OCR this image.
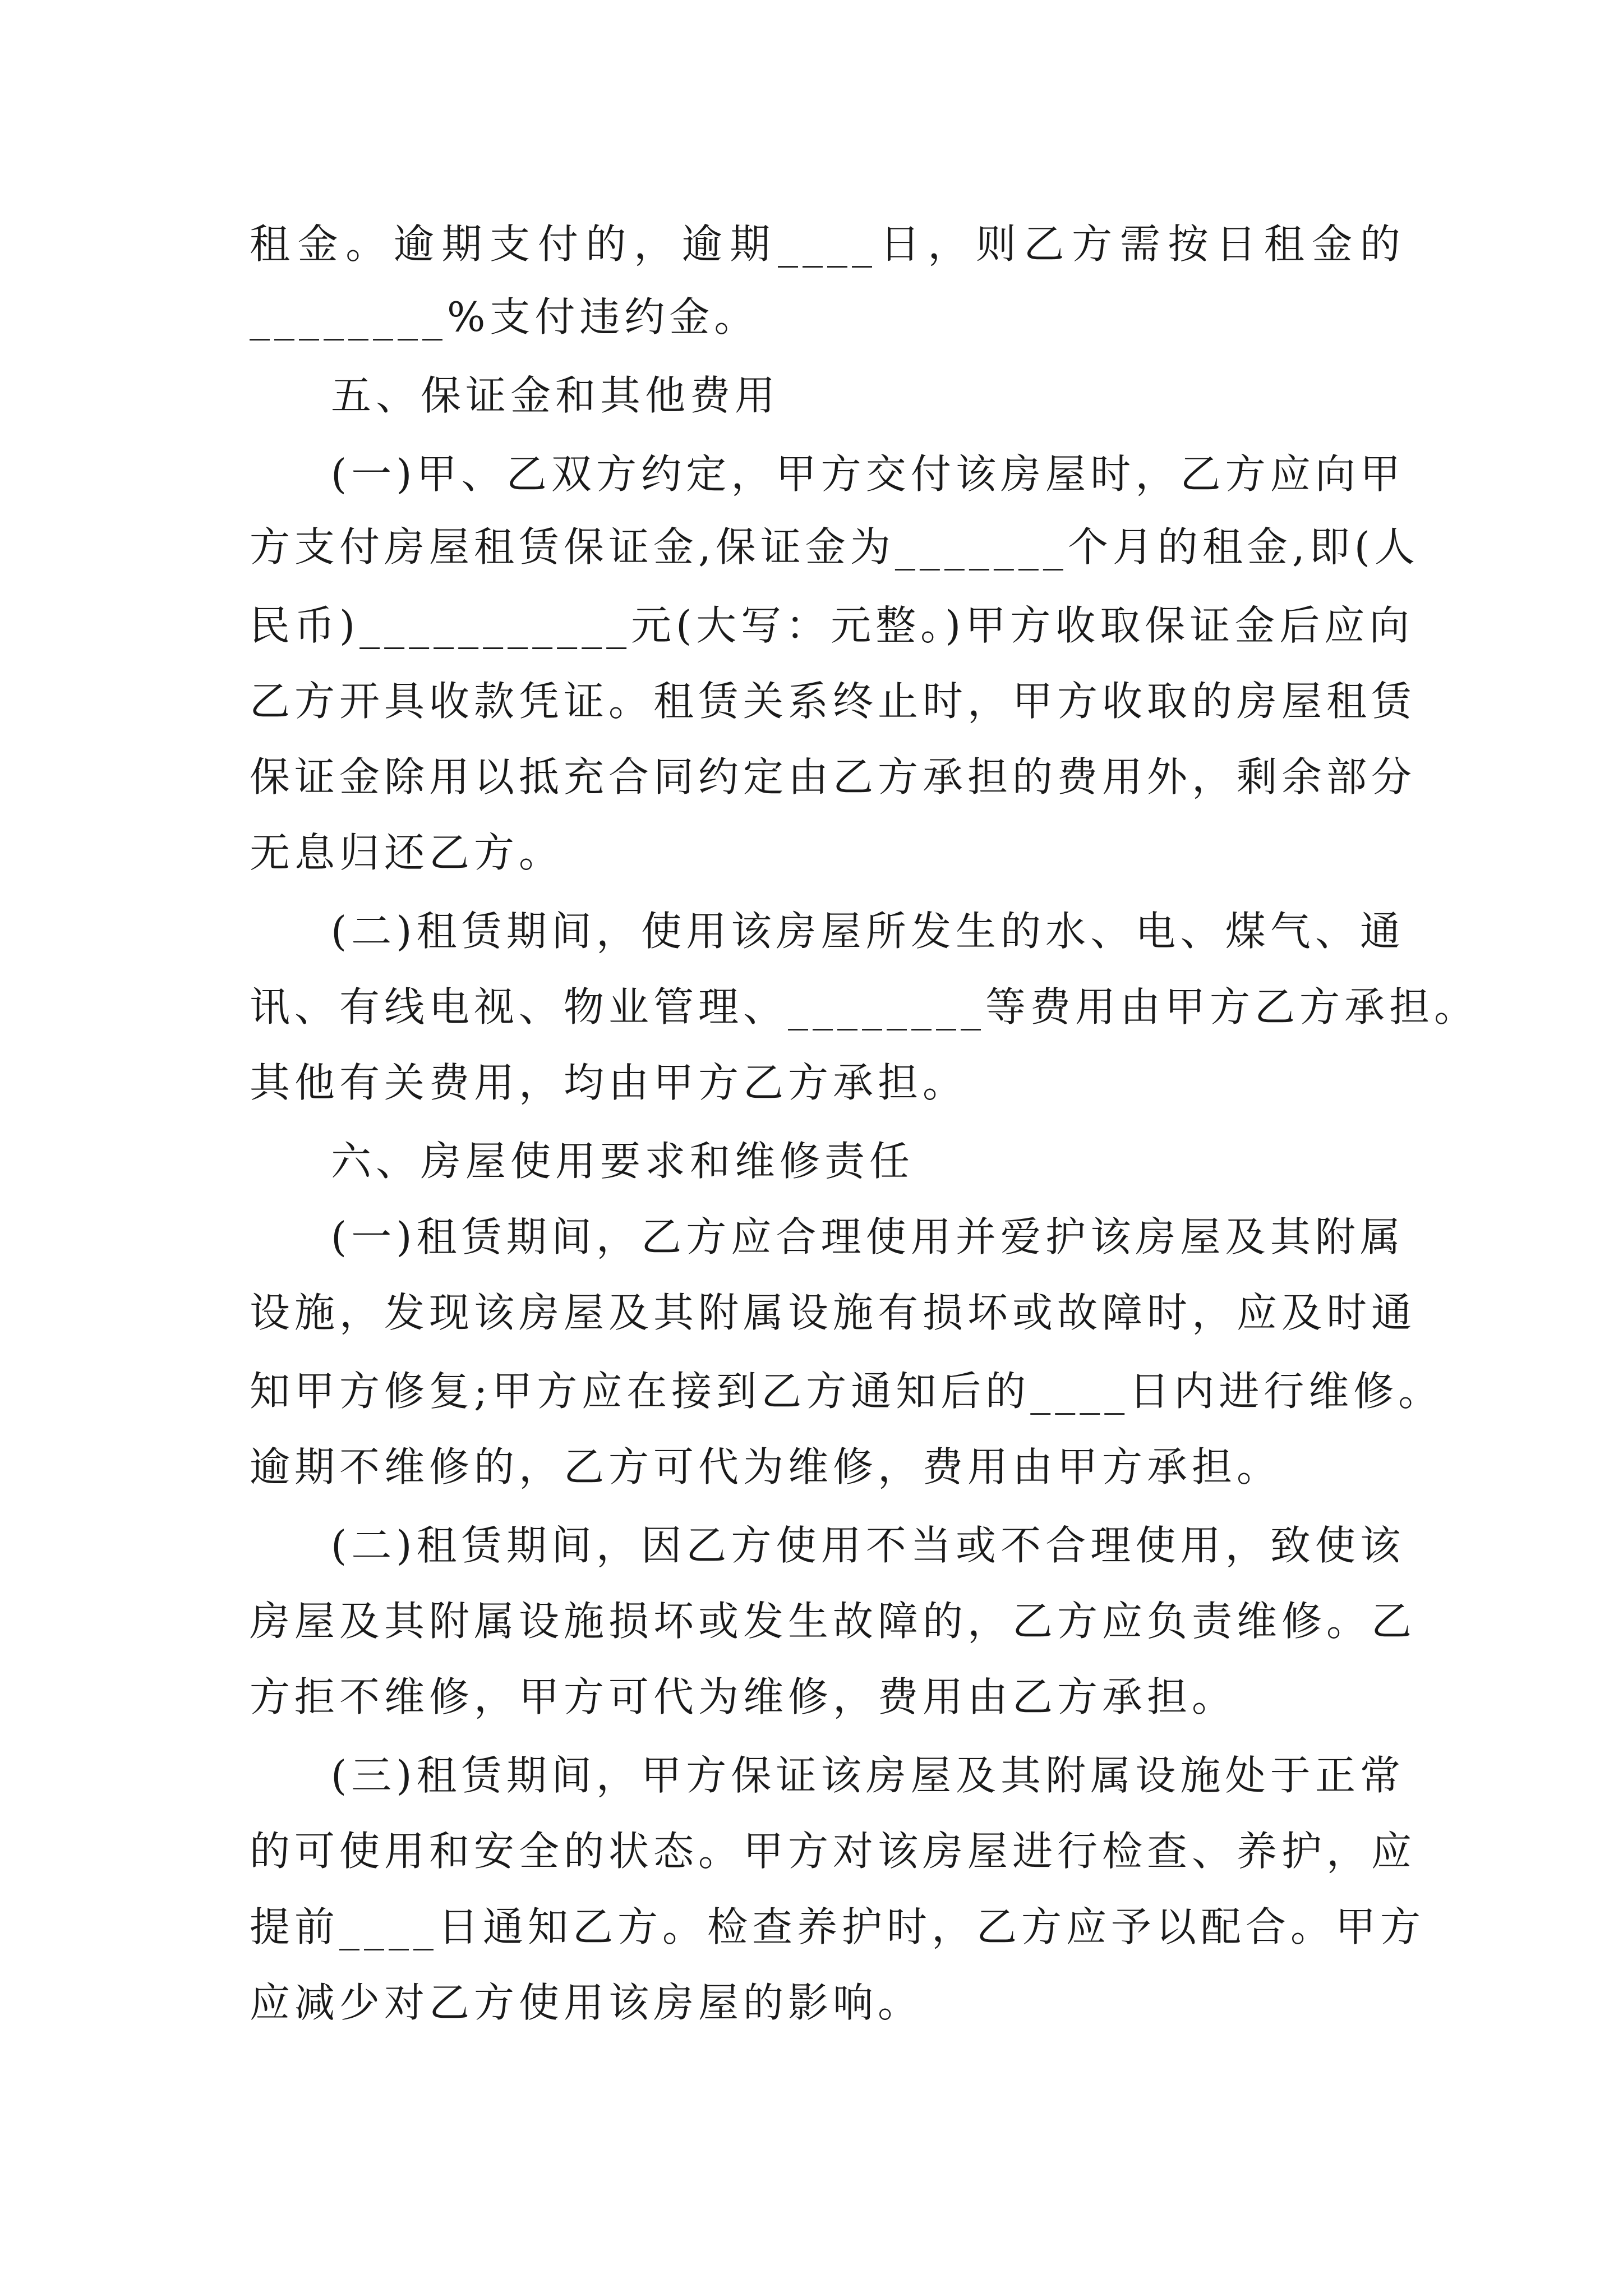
租金。逾期支付的，逾期____日，则乙方需按日租金的
________%支付违约金。
五、保证金和其他费用
(一)甲、乙双方约定，甲方交付该房屋时，乙方应向甲
方支付房屋租赁保证金,保证金为_______个月的租金,即(人
民币)___________元(大写：元整。)甲方收取保证金后应向
乙方开具收款凭证。租赁关系终止时，甲方收取的房屋租赁
保证金除用以抵充合同约定由乙方承担的费用外，剩余部分
无息归还乙方。
(二)租赁期间，使用该房屋所发生的水、电、煤气、通
讯、有线电视、物业管理、________等费用由甲方乙方承担。
其他有关费用，均由甲方乙方承担。
六、房屋使用要求和维修责任
(一)租赁期间，乙方应合理使用并爱护该房屋及其附属
设施，发现该房屋及其附属设施有损坏或故障时，应及时通
知甲方修复;甲方应在接到乙方通知后的____日内进行维修。
逾期不维修的，乙方可代为维修，费用由甲方承担。
(二)租赁期间，因乙方使用不当或不合理使用，致使该
房屋及其附属设施损坏或发生故障的，乙方应负责维修。乙
方拒不维修，甲方可代为维修，费用由乙方承担。
(三)租赁期间，甲方保证该房屋及其附属设施处于正常
的可使用和安全的状态。甲方对该房屋进行检查、养护，应
提前____日通知乙方。检查养护时，乙方应予以配合。甲方
应减少对乙方使用该房屋的影响。
